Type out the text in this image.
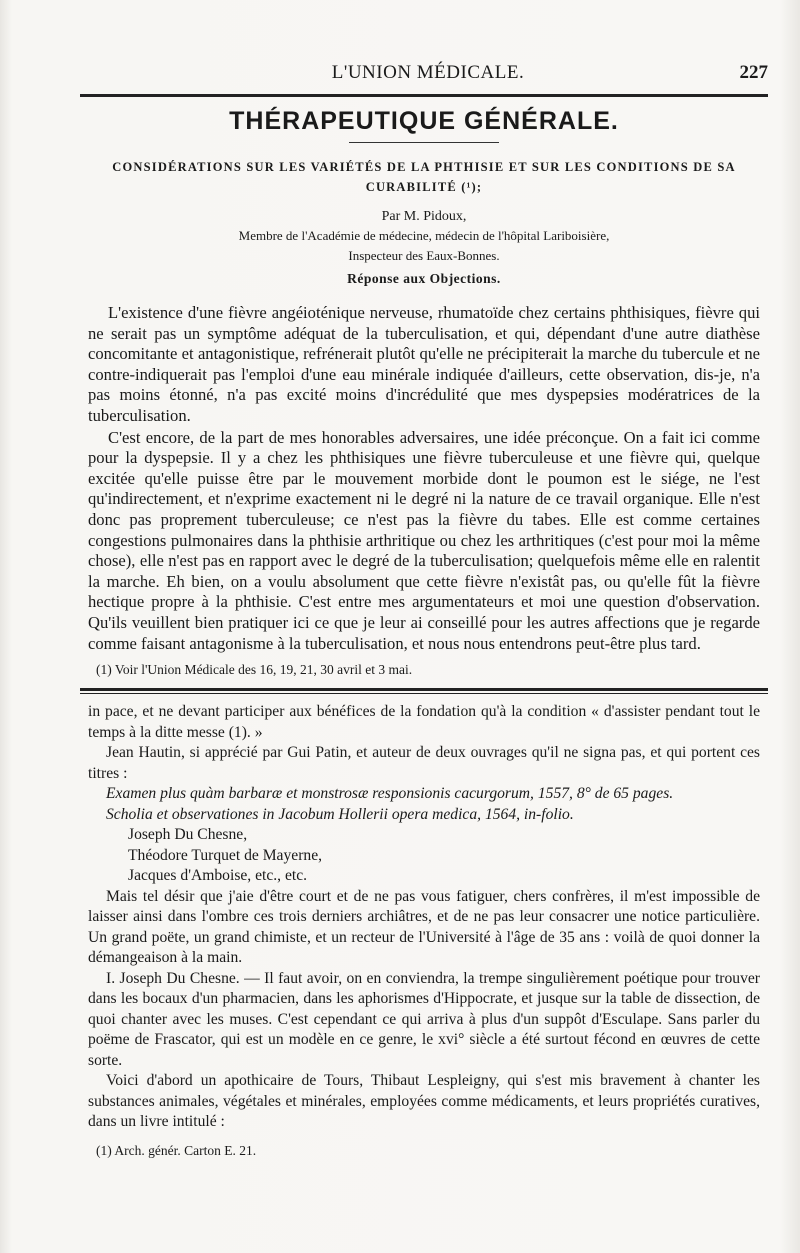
L'UNION MÉDICALE.	227
THÉRAPEUTIQUE GÉNÉRALE.
CONSIDÉRATIONS SUR LES VARIÉTÉS DE LA PHTHISIE ET SUR LES CONDITIONS DE SA CURABILITÉ (¹);
Par M. Pidoux,
Membre de l'Académie de médecine, médecin de l'hôpital Lariboisière,
Inspecteur des Eaux-Bonnes.
Réponse aux Objections.

L'existence d'une fièvre angéioténique nerveuse, rhumatoïde chez certains phthisiques, fièvre qui ne serait pas un symptôme adéquat de la tuberculisation, et qui, dépendant d'une autre diathèse concomitante et antagonistique, refrénerait plutôt qu'elle ne précipiterait la marche du tubercule et ne contre-indiquerait pas l'emploi d'une eau minérale indiquée d'ailleurs, cette observation, dis-je, n'a pas moins étonné, n'a pas excité moins d'incrédulité que mes dyspepsies modératrices de la tuberculisation.

C'est encore, de la part de mes honorables adversaires, une idée préconçue. On a fait ici comme pour la dyspepsie. Il y a chez les phthisiques une fièvre tuberculeuse et une fièvre qui, quelque excitée qu'elle puisse être par le mouvement morbide dont le poumon est le siége, ne l'est qu'indirectement, et n'exprime exactement ni le degré ni la nature de ce travail organique. Elle n'est donc pas proprement tuberculeuse; ce n'est pas la fièvre du tabes. Elle est comme certaines congestions pulmonaires dans la phthisie arthritique ou chez les arthritiques (c'est pour moi la même chose), elle n'est pas en rapport avec le degré de la tuberculisation; quelquefois même elle en ralentit la marche. Eh bien, on a voulu absolument que cette fièvre n'existât pas, ou qu'elle fût la fièvre hectique propre à la phthisie. C'est entre mes argumentateurs et moi une question d'observation. Qu'ils veuillent bien pratiquer ici ce que je leur ai conseillé pour les autres affections que je regarde comme faisant antagonisme à la tuberculisation, et nous nous entendrons peut-être plus tard.

(1) Voir l'Union Médicale des 16, 19, 21, 30 avril et 3 mai.

in pace, et ne devant participer aux bénéfices de la fondation qu'à la condition « d'assister pendant tout le temps à la ditte messe (1). »

Jean Hautin, si apprécié par Gui Patin, et auteur de deux ouvrages qu'il ne signa pas, et qui portent ces titres :

Examen plus quàm barbaræ et monstrosæ responsionis cacurgorum, 1557, 8° de 65 pages.
Scholia et observationes in Jacobum Hollerii opera medica, 1564, in-folio.
Joseph Du Chesne,
Théodore Turquet de Mayerne,
Jacques d'Amboise, etc., etc.

Mais tel désir que j'aie d'être court et de ne pas vous fatiguer, chers confrères, il m'est impossible de laisser ainsi dans l'ombre ces trois derniers archiâtres, et de ne pas leur consacrer une notice particulière. Un grand poëte, un grand chimiste, et un recteur de l'Université à l'âge de 35 ans : voilà de quoi donner la démangeaison à la main.

I. Joseph Du Chesne. — Il faut avoir, on en conviendra, la trempe singulièrement poétique pour trouver dans les bocaux d'un pharmacien, dans les aphorismes d'Hippocrate, et jusque sur la table de dissection, de quoi chanter avec les muses. C'est cependant ce qui arriva à plus d'un suppôt d'Esculape. Sans parler du poëme de Frascator, qui est un modèle en ce genre, le xvi° siècle a été surtout fécond en œuvres de cette sorte.

Voici d'abord un apothicaire de Tours, Thibaut Lespleigny, qui s'est mis bravement à chanter les substances animales, végétales et minérales, employées comme médicaments, et leurs propriétés curatives, dans un livre intitulé :

(1) Arch. génér. Carton E. 21.
